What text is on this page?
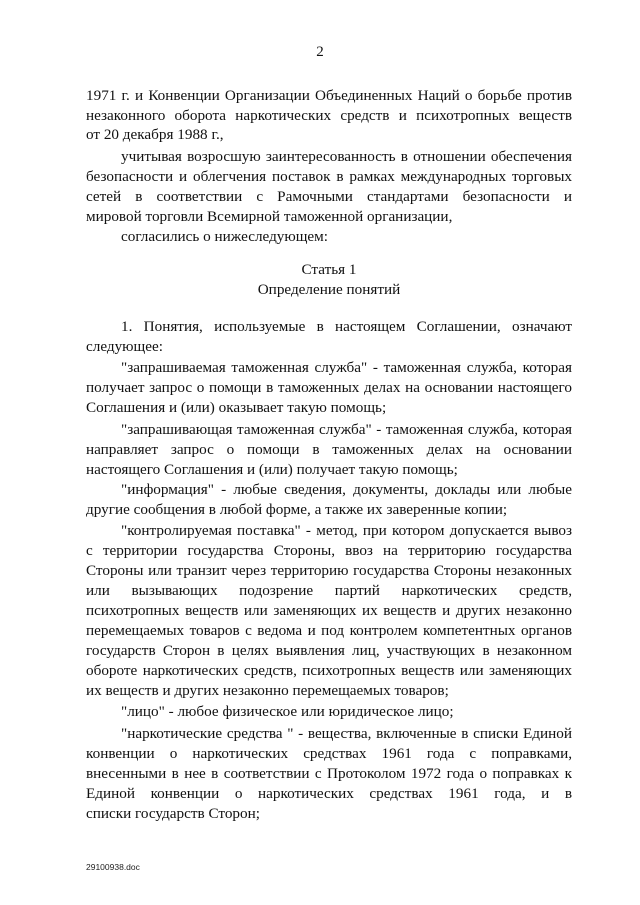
2
1971 г. и Конвенции Организации Объединенных Наций о борьбе против
незаконного оборота наркотических средств и психотропных веществ
от 20 декабря 1988 г.,
учитывая возросшую заинтересованность в отношении обеспечения
безопасности и облегчения поставок в рамках международных торговых
сетей в соответствии с Рамочными стандартами безопасности и
мировой торговли Всемирной таможенной организации,
согласились о нижеследующем:
Статья 1
Определение понятий
1. Понятия, используемые в настоящем Соглашении, означают
следующее:
"запрашиваемая таможенная служба" - таможенная служба, которая
получает запрос о помощи в таможенных делах на основании настоящего
Соглашения и (или) оказывает такую помощь;
"запрашивающая таможенная служба" - таможенная служба, которая
направляет запрос о помощи в таможенных делах на основании
настоящего Соглашения и (или) получает такую помощь;
"информация" - любые сведения, документы, доклады или любые
другие сообщения в любой форме, а также их заверенные копии;
"контролируемая поставка" - метод, при котором допускается вывоз
с территории государства Стороны, ввоз на территорию государства
Стороны или транзит через территорию государства Стороны незаконных
или вызывающих подозрение партий наркотических средств,
психотропных веществ или заменяющих их веществ и других незаконно
перемещаемых товаров с ведома и под контролем компетентных органов
государств Сторон в целях выявления лиц, участвующих в незаконном
обороте наркотических средств, психотропных веществ или заменяющих
их веществ и других незаконно перемещаемых товаров;
"лицо" - любое физическое или юридическое лицо;
"наркотические средства " - вещества, включенные в списки Единой
конвенции о наркотических средствах 1961 года с поправками,
внесенными в нее в соответствии с Протоколом 1972 года о поправках к
Единой конвенции о наркотических средствах 1961 года, и в
списки государств Сторон;
29100938.doc
